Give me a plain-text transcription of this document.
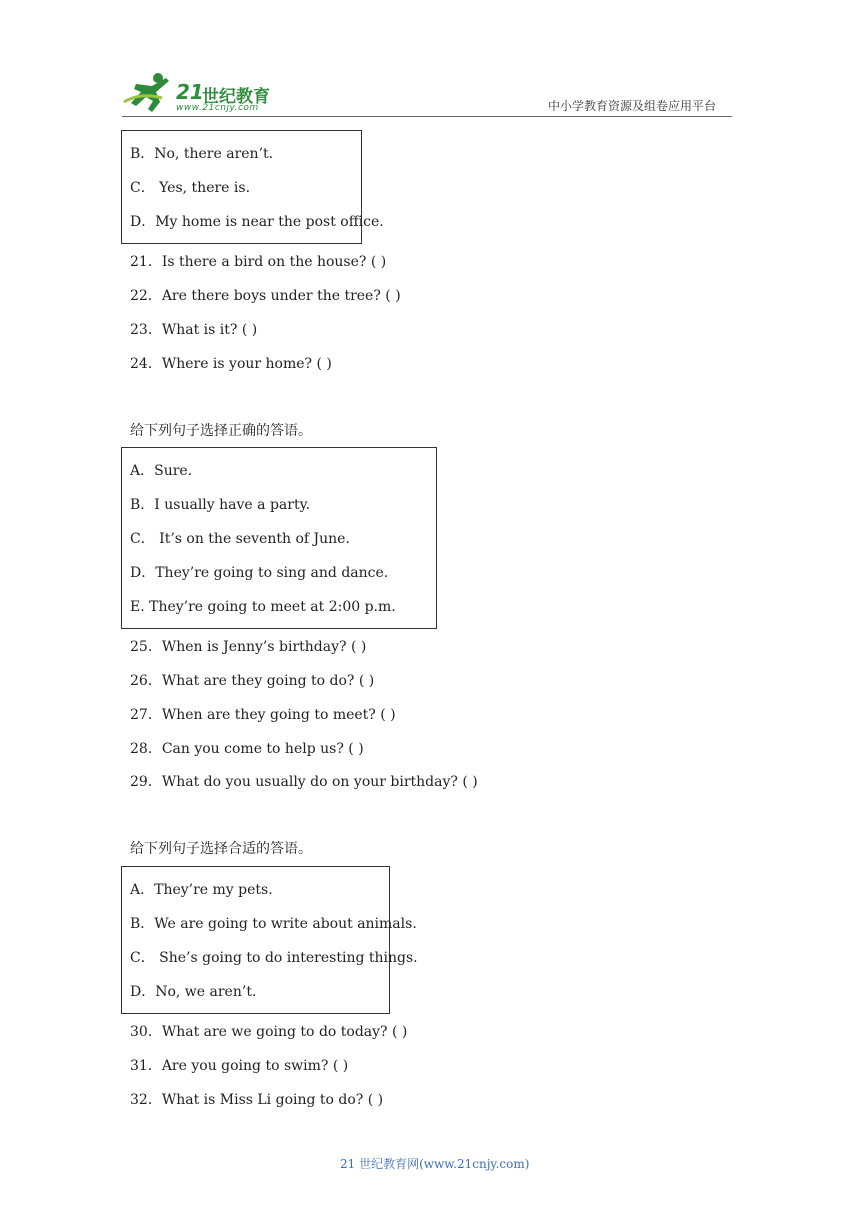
21
世纪教育
www.21cnjy.com	中小学教育资源及组卷应用平台
B．No, there aren’t.
C． Yes, there is.
D．My home is near the post office.
21．Is there a bird on the house? ( )
22．Are there boys under the tree? ( )
23．What is it? ( )
24．Where is your home? ( )
给下列句子选择正确的答语。
A．Sure.
B．I usually have a party.
C． It’s on the seventh of June.
D．They’re going to sing and dance.
E. They’re going to meet at 2:00 p.m.
25．When is Jenny’s birthday? ( )
26．What are they going to do? ( )
27．When are they going to meet? ( )
28．Can you come to help us? ( )
29．What do you usually do on your birthday? ( )
给下列句子选择合适的答语。
A．They’re my pets.
B．We are going to write about animals.
C． She’s going to do interesting things.
D．No, we aren’t.
30．What are we going to do today? ( )
31．Are you going to swim? ( )
32．What is Miss Li going to do? ( )
21 世纪教育网(www.21cnjy.com)
